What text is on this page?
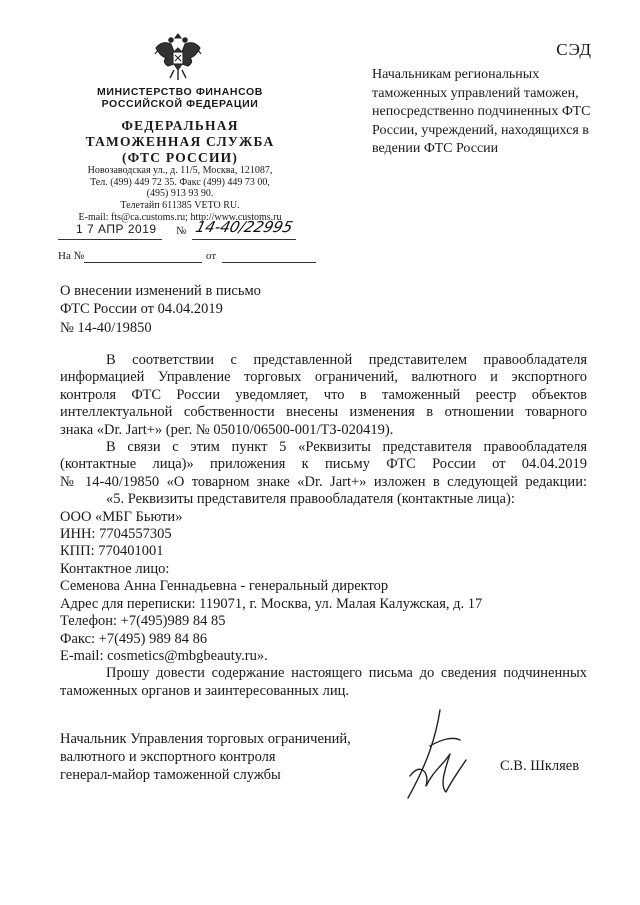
СЭД
МИНИСТЕРСТВО ФИНАНСОВ
РОССИЙСКОЙ ФЕДЕРАЦИИ
ФЕДЕРАЛЬНАЯ
ТАМОЖЕННАЯ СЛУЖБА
(ФТС РОССИИ)
Новозаводская ул., д. 11/5, Москва, 121087,
Тел. (499) 449 72 35. Факс (499) 449 73 00,
(495) 913 93 90.
Телетайп 611385 VETO RU.
E-mail: fts@ca.customs.ru; http://www.customs.ru
1 7 АПР 2019 № 14-40/22995
На №	от
Начальникам региональных таможенных управлений таможен, непосредственно подчиненных ФТС России, учреждений, находящихся в ведении ФТС России
О внесении изменений в письмо
ФТС России от 04.04.2019
№ 14-40/19850
В соответствии с представленной представителем правообладателя
информацией Управление торговых ограничений, валютного и экспортного
контроля ФТС России уведомляет, что в таможенный реестр объектов
интеллектуальной собственности внесены изменения в отношении товарного
знака «Dr. Jart+» (рег. № 05010/06500-001/ТЗ-020419).
В связи с этим пункт 5 «Реквизиты представителя правообладателя
(контактные лица)» приложения к письму ФТС России от 04.04.2019
№ 14-40/19850 «О товарном знаке «Dr. Jart+» изложен в следующей редакции:
«5. Реквизиты представителя правообладателя (контактные лица):
ООО «МБГ Бьюти»
ИНН: 7704557305
КПП: 770401001
Контактное лицо:
Семенова Анна Геннадьевна - генеральный директор
Адрес для переписки: 119071, г. Москва, ул. Малая Калужская, д. 17
Телефон: +7(495)989 84 85
Факс: +7(495) 989 84 86
E-mail: cosmetics@mbgbeauty.ru».
Прошу довести содержание настоящего письма до сведения подчиненных
таможенных органов и заинтересованных лиц.
Начальник Управления торговых ограничений,
валютного и экспортного контроля
генерал-майор таможенной службы
С.В. Шкляев
